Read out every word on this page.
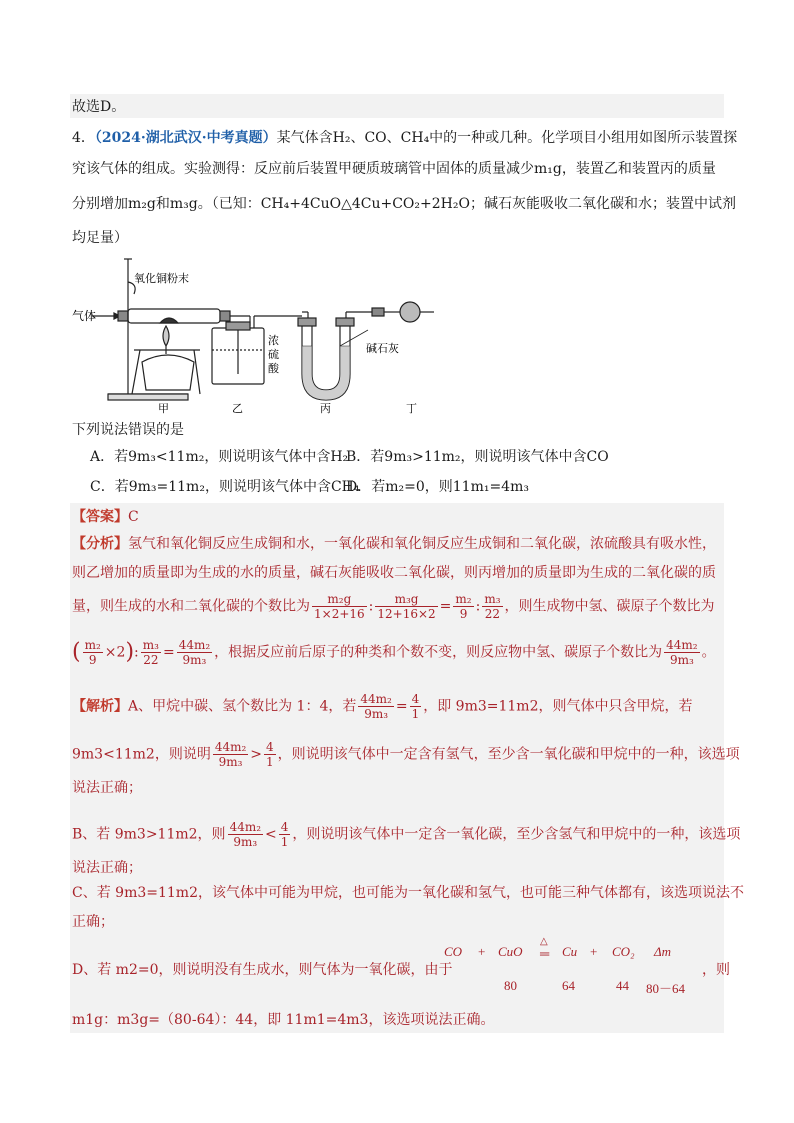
故选D。
4．（2024·湖北武汉·中考真题）某气体含H₂、CO、CH₄中的一种或几种。化学项目小组用如图所示装置探
究该气体的组成。实验测得：反应前后装置甲硬质玻璃管中固体的质量减少m₁g，装置乙和装置丙的质量
分别增加m₂g和m₃g。（已知：CH₄+4CuO△4Cu+CO₂+2H₂O；碱石灰能吸收二氧化碳和水；装置中试剂
均足量）
气体
氧化铜粉末
浓
硫
酸
碱石灰
甲	乙	丙	丁
下列说法错误的是
A．若9m₃<11m₂，则说明该气体中含H₂
B．若9m₃>11m₂，则说明该气体中含CO
C．若9m₃=11m₂，则说明该气体中含CH₄
D．若m₂=0，则11m₁=4m₃
【答案】C
【分析】氢气和氧化铜反应生成铜和水，一氧化碳和氧化铜反应生成铜和二氧化碳，浓硫酸具有吸水性，
则乙增加的质量即为生成的水的质量，碱石灰能吸收二氧化碳，则丙增加的质量即为生成的二氧化碳的质
量，则生成的水和二氧化碳的个数比为 $\frac{\text{m₂g}}{1\times 2+16}$ : $\frac{\text{m₃g}}{12+16\times 2} = \frac{\text{m₂}}{9}$ : $\frac{\text{m₃}}{22}$ ，则生成物中氢、碳原子个数比为
( $\frac{\text{m₂}}{9} \times 2$): $\frac{\text{m₃}}{22} = \frac{\text{44m₂}}{\text{9m₃}}$ ，根据反应前后原子的种类和个数不变，则反应物中氢、碳原子个数比为 $\frac{\text{44m₂}}{\text{9m₃}}$ 。
【解析】A、甲烷中碳、氢个数比为 1：4，若 $\frac{\text{44m₂}}{\text{9m₃}} = \frac{4}{1}$ ，即 9m3=11m2，则气体中只含甲烷，若
9m3<11m2，则说明 $\frac{\text{44m₂}}{\text{9m₃}} > \frac{4}{1}$ ，则说明该气体中一定含有氢气，至少含一氧化碳和甲烷中的一种，该选项
说法正确；
B、若 9m3>11m2，则 $\frac{\text{44m₂}}{\text{9m₃}} < \frac{4}{1}$ ，则说明该气体中一定含一氧化碳，至少含氢气和甲烷中的一种，该选项
说法正确；
C、若 9m3=11m2，该气体中可能为甲烷，也可能为一氧化碳和氢气，也可能三种气体都有，该选项说法不
正确；
D、若 m2=0，则说明没有生成水，则气体为一氧化碳，由于	，则
CO + CuO
△
═ Cu + CO₂ Δm
80	64	44 80－64
m1g：m3g=（80-64）：44，即 11m1=4m3，该选项说法正确。
